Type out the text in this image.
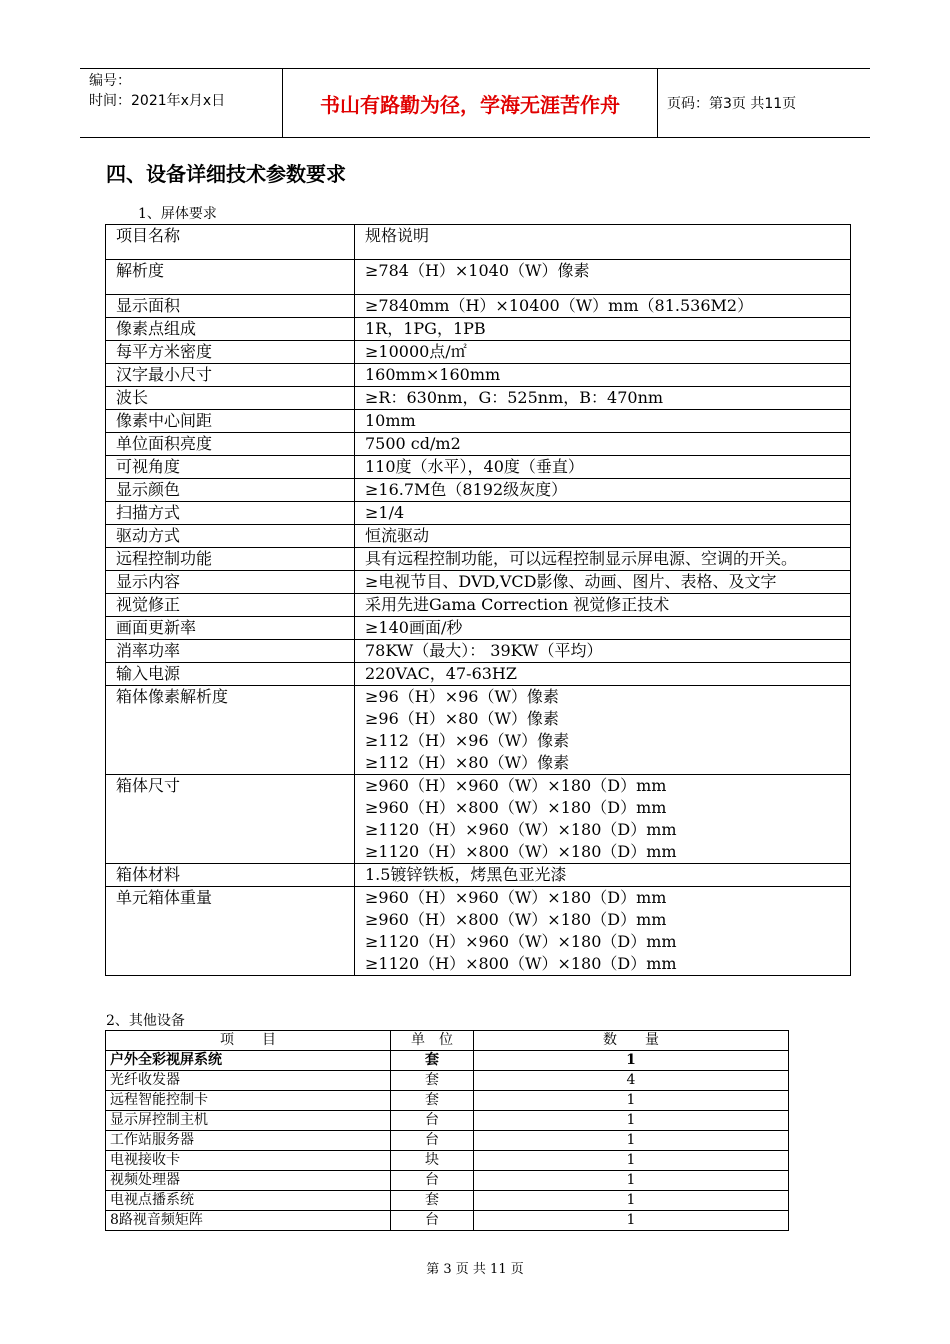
编号：
时间：2021年x月x日	书山有路勤为径，学海无涯苦作舟	页码：第3页 共11页
四、设备详细技术参数要求
1、屏体要求
项目名称	规格说明
解析度	≥784（H）×1040（W）像素

显示面积	≥7840mm（H）×10400（W）mm（81.536M2）

像素点组成	1R，1PG，1PB

每平方米密度	≥10000点/㎡

汉字最小尺寸	160mm×160mm

波长	≥R：630nm，G：525nm，B：470nm

像素中心间距	10mm

单位面积亮度	7500 cd/m2

可视角度	110度（水平），40度（垂直）

显示颜色	≥16.7M色（8192级灰度）

扫描方式	≥1/4

驱动方式	恒流驱动

远程控制功能	具有远程控制功能，可以远程控制显示屏电源、空调的开关。

显示内容	≥电视节目、DVD,VCD影像、动画、图片、表格、及文字

视觉修正	采用先进Gama Correction 视觉修正技术

画面更新率	≥140画面/秒

消率功率	78KW（最大）： 39KW（平均）

输入电源	220VAC，47-63HZ

箱体像素解析度	≥96（H）×96（W）像素
≥96（H）×80（W）像素
≥112（H）×96（W）像素
≥112（H）×80（W）像素

箱体尺寸	≥960（H）×960（W）×180（D）mm
≥960（H）×800（W）×180（D）mm
≥1120（H）×960（W）×180（D）mm
≥1120（H）×800（W）×180（D）mm

箱体材料	1.5镀锌铁板，烤黑色亚光漆

单元箱体重量	≥960（H）×960（W）×180（D）mm
≥960（H）×800（W）×180（D）mm
≥1120（H）×960（W）×180（D）mm
≥1120（H）×800（W）×180（D）mm
2、其他设备
项　　目	单　位	数　　量
户外全彩视屏系统	套	1
光纤收发器	套	4
远程智能控制卡	套	1
显示屏控制主机	台	1
工作站服务器	台	1
电视接收卡	块	1
视频处理器	台	1
电视点播系统	套	1
8路视音频矩阵	台	1
第 3 页 共 11 页
